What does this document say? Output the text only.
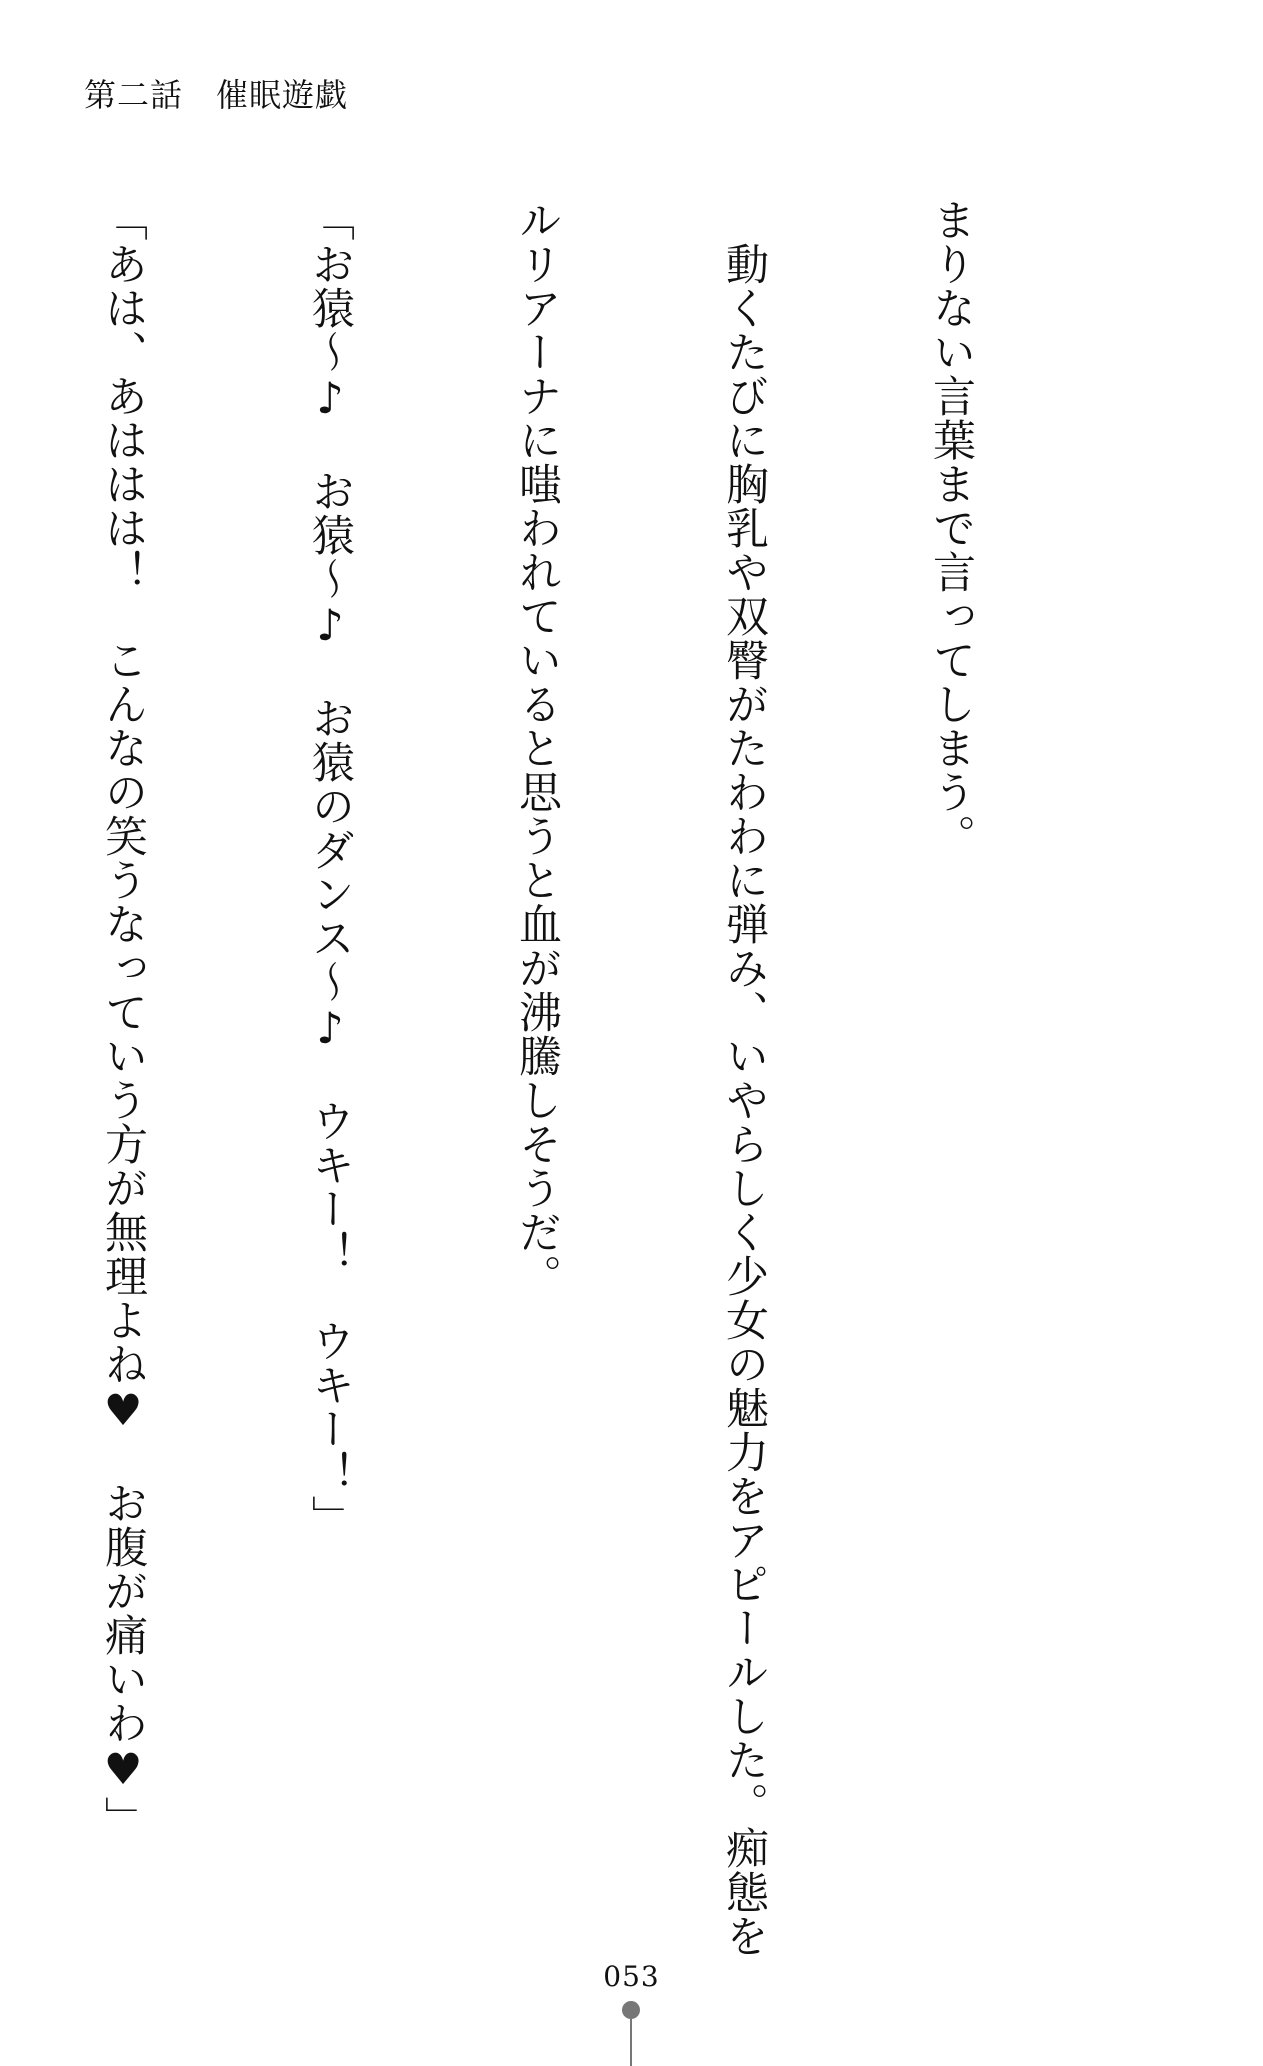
第二話　催眠遊戯

まりない言葉まで言ってしまう。

　動くたびに胸乳や双臀がたわわに弾み、いやらしく少女の魅力をアピールした。痴態を

ルリアーナに嗤われていると思うと血が沸騰しそうだ。

「お猿～♪　お猿～♪　お猿のダンス～♪　ウキー！　ウキー！」

「あは、あははは！　こんなの笑うなっていう方が無理よね♥　お腹が痛いわ♥」

053
